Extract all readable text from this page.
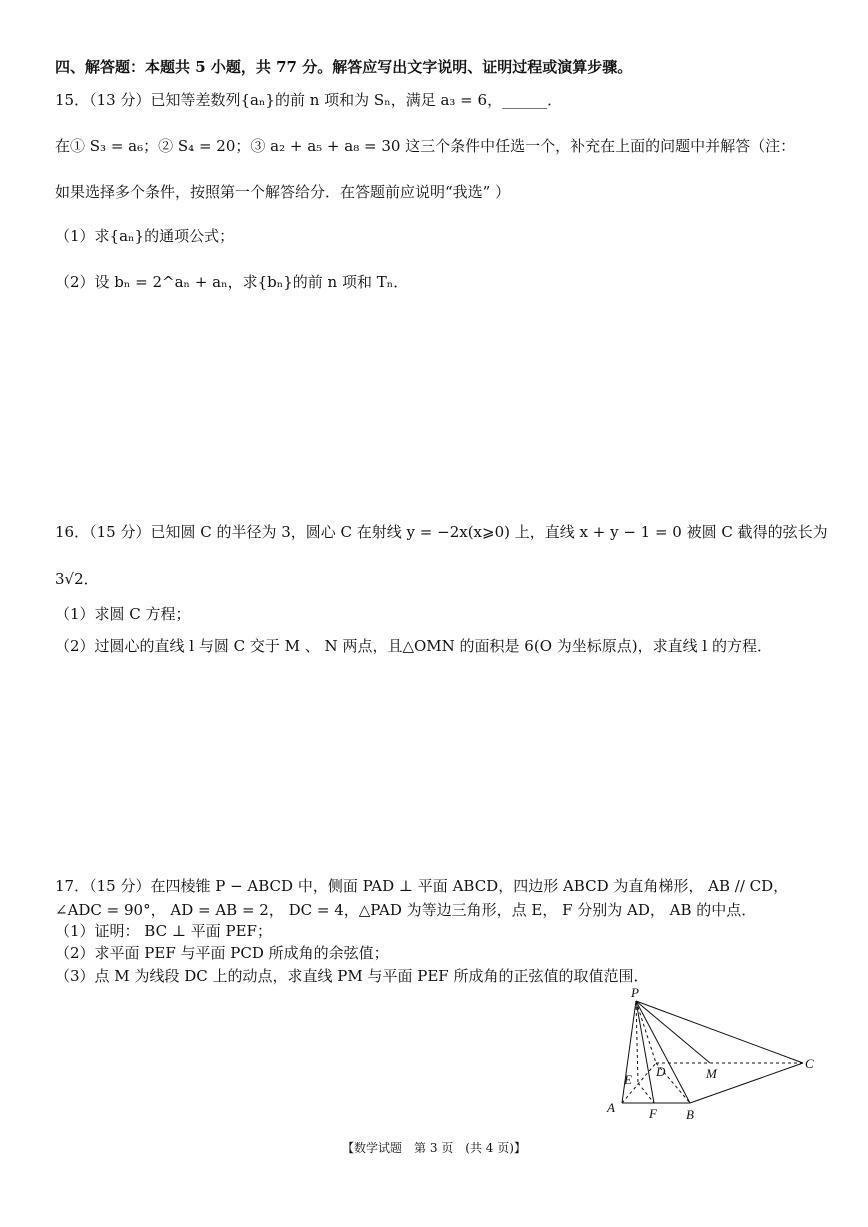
四、解答题：本题共 5 小题，共 77 分。解答应写出文字说明、证明过程或演算步骤。
15．（13 分）已知等差数列{aₙ}的前 n 项和为 Sₙ，满足 a₃ = 6，______．
在① S₃ = a₆；② S₄ = 20；③ a₂ + a₅ + a₈ = 30 这三个条件中任选一个，补充在上面的问题中并解答（注：
如果选择多个条件，按照第一个解答给分．在答题前应说明“我选” ）
（1）求{aₙ}的通项公式；
（2）设 bₙ = 2^aₙ + aₙ，求{bₙ}的前 n 项和 Tₙ．
16．（15 分）已知圆 C 的半径为 3，圆心 C 在射线 y = −2x(x⩾0) 上，直线 x + y − 1 = 0 被圆 C 截得的弦长为
3√2．
（1）求圆 C 方程；
（2）过圆心的直线 l 与圆 C 交于 M 、 N 两点，且△OMN 的面积是 6(O 为坐标原点)，求直线 l 的方程．
17．（15 分）在四棱锥 P − ABCD 中，侧面 PAD ⊥ 平面 ABCD，四边形 ABCD 为直角梯形， AB // CD，
∠ADC = 90°， AD = AB = 2， DC = 4，△PAD 为等边三角形，点 E， F 分别为 AD， AB 的中点．
（1）证明： BC ⊥ 平面 PEF；
（2）求平面 PEF 与平面 PCD 所成角的余弦值；
（3）点 M 为线段 DC 上的动点，求直线 PM 与平面 PEF 所成角的正弦值的取值范围．
P
A	B
C
D
E
F
M
【数学试题　第 3 页　(共 4 页)】
